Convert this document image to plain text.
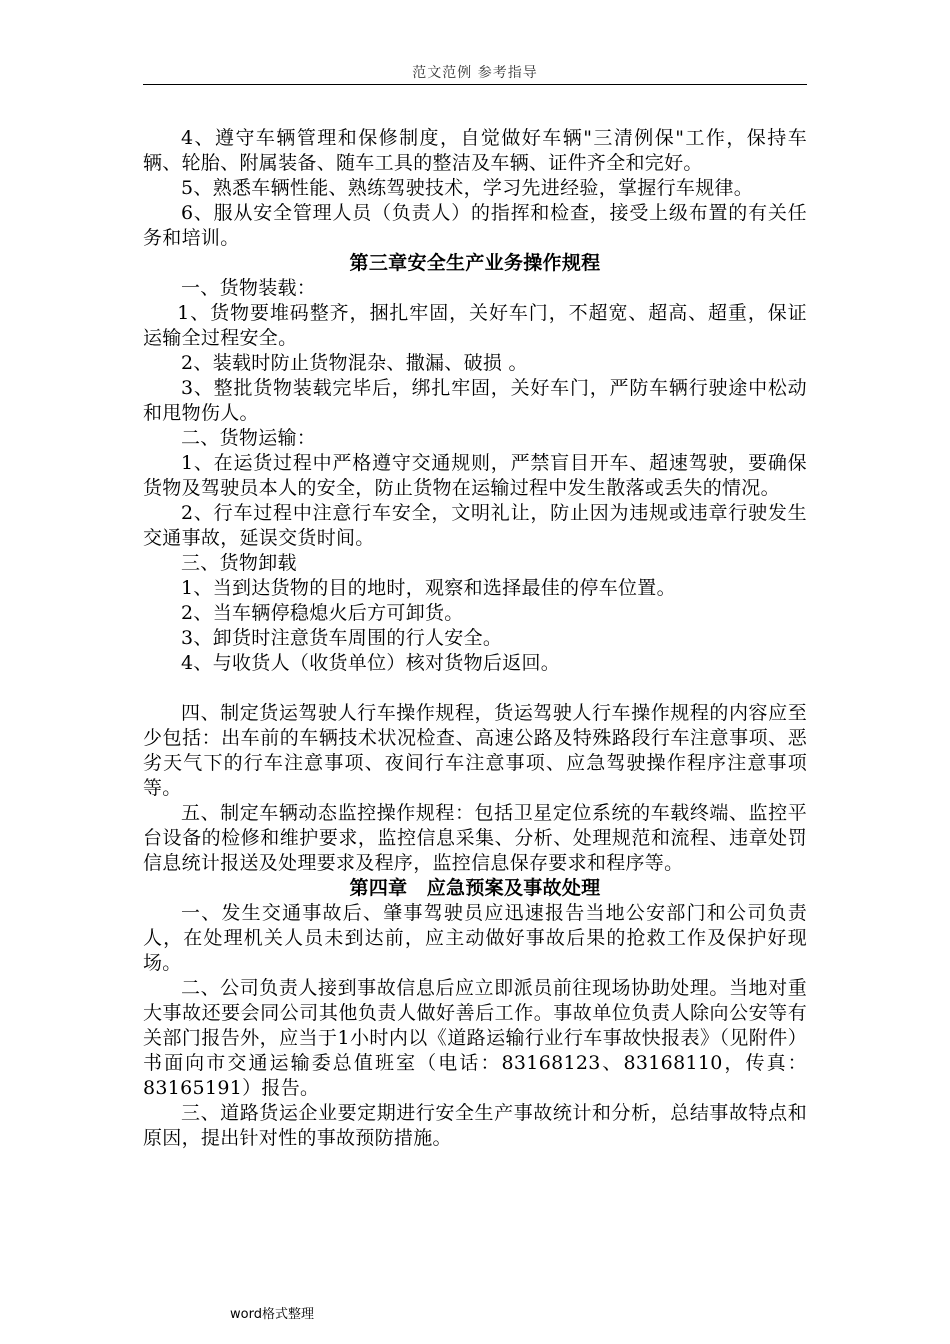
范文范例 参考指导

4、遵守车辆管理和保修制度，自觉做好车辆"三清例保"工作，保持车辆、轮胎、附属装备、随车工具的整洁及车辆、证件齐全和完好。

5、熟悉车辆性能、熟练驾驶技术，学习先进经验，掌握行车规律。

6、服从安全管理人员（负责人）的指挥和检查，接受上级布置的有关任务和培训。

第三章安全生产业务操作规程

一、货物装载：

1、货物要堆码整齐，捆扎牢固，关好车门，不超宽、超高、超重，保证运输全过程安全。

2、装载时防止货物混杂、撒漏、破损 。

3、整批货物装载完毕后，绑扎牢固，关好车门，严防车辆行驶途中松动和甩物伤人。

二、货物运输：

1、在运货过程中严格遵守交通规则，严禁盲目开车、超速驾驶，要确保货物及驾驶员本人的安全，防止货物在运输过程中发生散落或丢失的情况。

2、行车过程中注意行车安全，文明礼让，防止因为违规或违章行驶发生交通事故，延误交货时间。

三、货物卸载

1、当到达货物的目的地时，观察和选择最佳的停车位置。

2、当车辆停稳熄火后方可卸货。

3、卸货时注意货车周围的行人安全。

4、与收货人（收货单位）核对货物后返回。

四、制定货运驾驶人行车操作规程，货运驾驶人行车操作规程的内容应至少包括：出车前的车辆技术状况检查、高速公路及特殊路段行车注意事项、恶劣天气下的行车注意事项、夜间行车注意事项、应急驾驶操作程序注意事项等。

五、制定车辆动态监控操作规程：包括卫星定位系统的车载终端、监控平台设备的检修和维护要求，监控信息采集、分析、处理规范和流程、违章处罚信息统计报送及处理要求及程序，监控信息保存要求和程序等。

第四章　应急预案及事故处理

一、发生交通事故后、肇事驾驶员应迅速报告当地公安部门和公司负责人，在处理机关人员未到达前，应主动做好事故后果的抢救工作及保护好现场。

二、公司负责人接到事故信息后应立即派员前往现场协助处理。当地对重大事故还要会同公司其他负责人做好善后工作。事故单位负责人除向公安等有关部门报告外，应当于1小时内以《道路运输行业行车事故快报表》（见附件）书面向市交通运输委总值班室（电话：83168123、83168110，传真：83165191）报告。

三、道路货运企业要定期进行安全生产事故统计和分析，总结事故特点和原因，提出针对性的事故预防措施。

word格式整理
